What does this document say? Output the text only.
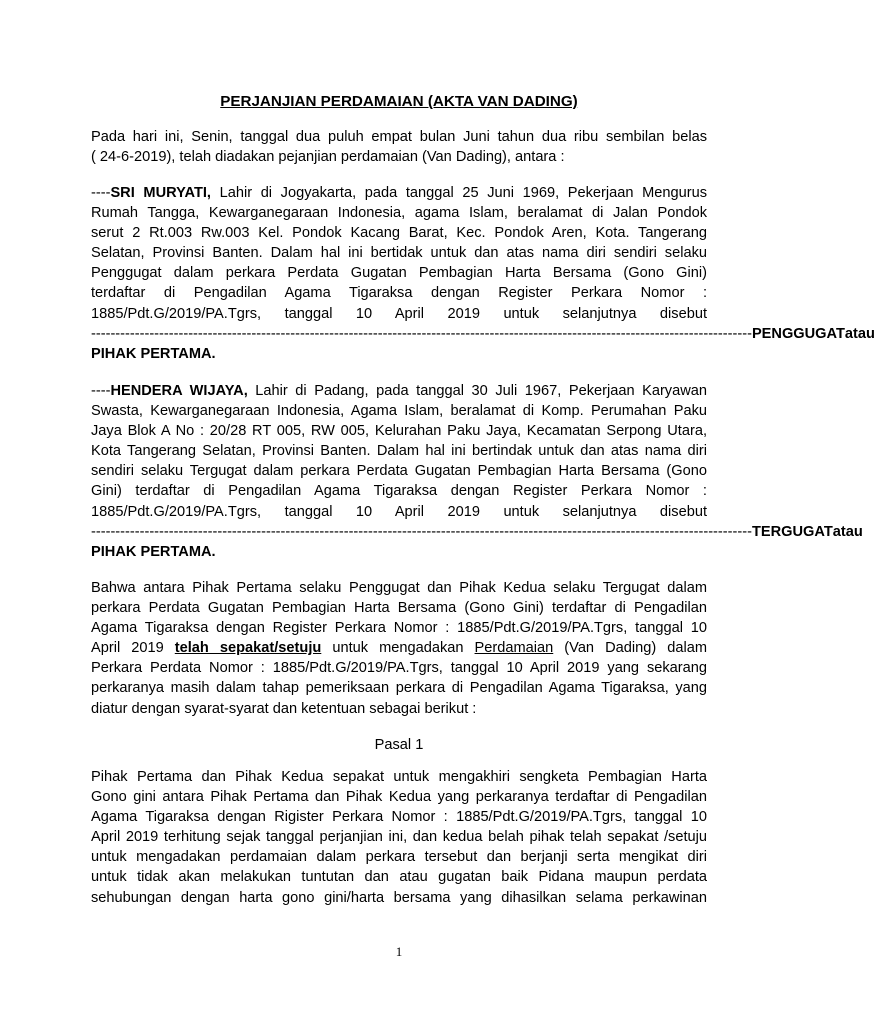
PERJANJIAN PERDAMAIAN (AKTA VAN DADING)
Pada hari ini, Senin, tanggal dua puluh empat bulan Juni tahun dua ribu sembilan belas
( 24-6-2019), telah diadakan pejanjian perdamaian (Van Dading), antara :
----SRI MURYATI, Lahir di Jogyakarta, pada tanggal 25 Juni 1969, Pekerjaan Mengurus
Rumah Tangga, Kewarganegaraan Indonesia, agama Islam, beralamat di Jalan Pondok
serut 2 Rt.003 Rw.003 Kel. Pondok Kacang Barat, Kec. Pondok Aren, Kota. Tangerang
Selatan, Provinsi Banten. Dalam hal ini bertidak untuk dan atas nama diri sendiri selaku
Penggugat dalam perkara Perdata Gugatan Pembagian Harta Bersama (Gono Gini)
terdaftar di Pengadilan Agama Tigaraksa dengan Register Perkara Nomor :
1885/Pdt.G/2019/PA.Tgrs, tanggal 10 April 2019 untuk selanjutnya disebut
---------------------------------------------------------------------------------------------------------------------------------------- PENGGUGAT atau
PIHAK PERTAMA.
----HENDERA WIJAYA, Lahir di Padang, pada tanggal 30 Juli 1967, Pekerjaan Karyawan
Swasta, Kewarganegaraan Indonesia, Agama Islam, beralamat di Komp. Perumahan Paku
Jaya Blok A No : 20/28 RT 005, RW 005, Kelurahan Paku Jaya, Kecamatan Serpong Utara,
Kota Tangerang Selatan, Provinsi Banten. Dalam hal ini bertindak untuk dan atas nama diri
sendiri selaku Tergugat dalam perkara Perdata Gugatan Pembagian Harta Bersama (Gono
Gini) terdaftar di Pengadilan Agama Tigaraksa dengan Register Perkara Nomor :
1885/Pdt.G/2019/PA.Tgrs, tanggal 10 April 2019 untuk selanjutnya disebut
---------------------------------------------------------------------------------------------------------------------------------------- TERGUGAT atau
PIHAK PERTAMA.
Bahwa antara Pihak Pertama selaku Penggugat dan Pihak Kedua selaku Tergugat dalam
perkara Perdata Gugatan Pembagian Harta Bersama (Gono Gini) terdaftar di Pengadilan
Agama Tigaraksa dengan Register Perkara Nomor : 1885/Pdt.G/2019/PA.Tgrs, tanggal 10
April 2019 telah sepakat/setuju untuk mengadakan Perdamaian (Van Dading) dalam
Perkara Perdata Nomor : 1885/Pdt.G/2019/PA.Tgrs, tanggal 10 April 2019 yang sekarang
perkaranya masih dalam tahap pemeriksaan perkara di Pengadilan Agama Tigaraksa, yang
diatur dengan syarat-syarat dan ketentuan sebagai berikut :

Pasal 1

Pihak Pertama dan Pihak Kedua sepakat untuk mengakhiri sengketa Pembagian Harta
Gono gini antara Pihak Pertama dan Pihak Kedua yang perkaranya terdaftar di Pengadilan
Agama Tigaraksa dengan Rigister Perkara Nomor : 1885/Pdt.G/2019/PA.Tgrs, tanggal 10
April 2019 terhitung sejak tanggal perjanjian ini, dan kedua belah pihak telah sepakat /setuju
untuk mengadakan perdamaian dalam perkara tersebut dan berjanji serta mengikat diri
untuk tidak akan melakukan tuntutan dan atau gugatan baik Pidana maupun perdata
sehubungan dengan harta gono gini/harta bersama yang dihasilkan selama perkawinan

1
